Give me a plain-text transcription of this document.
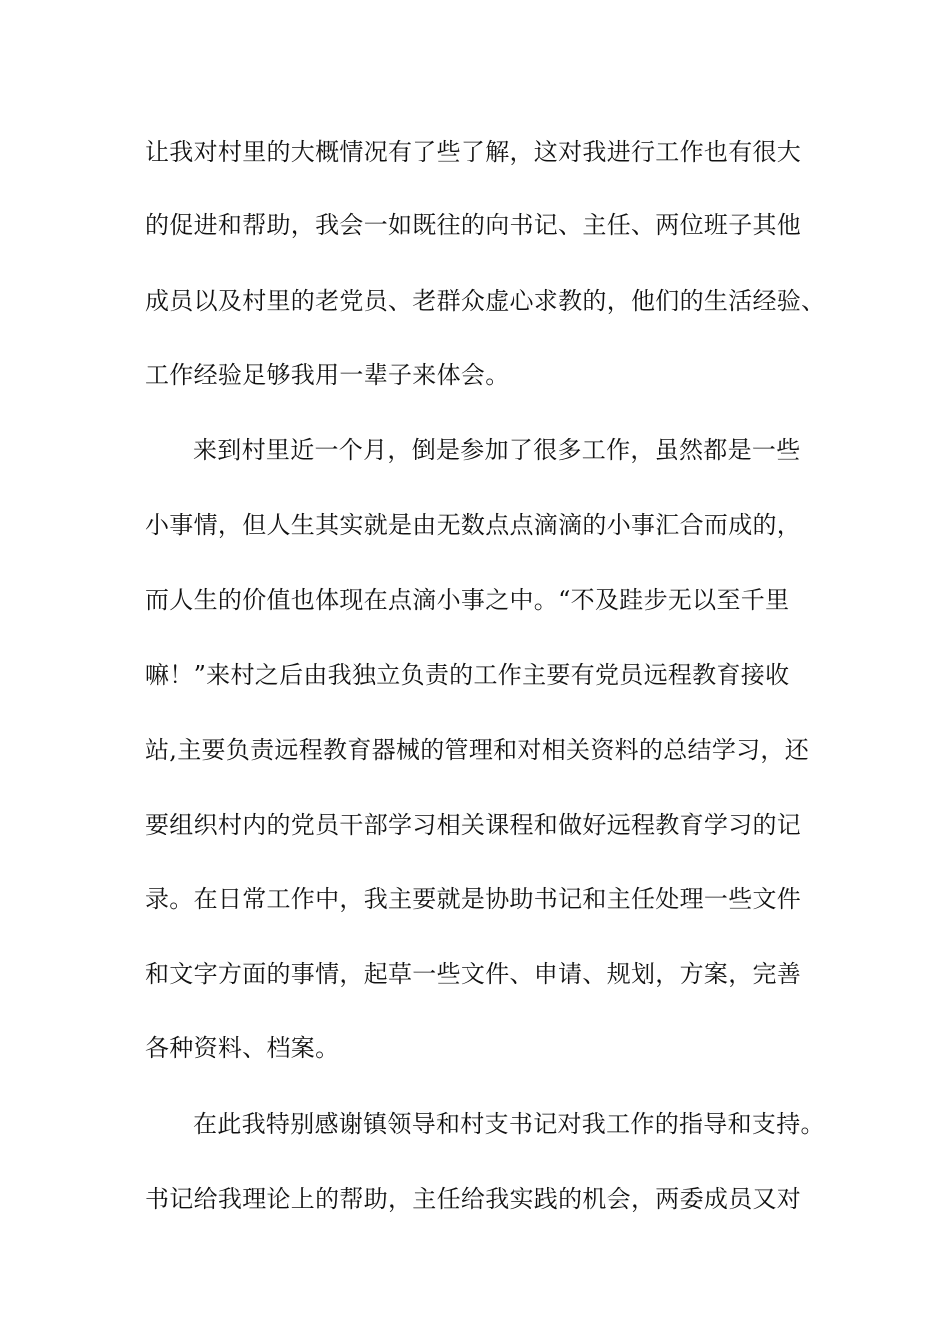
让我对村里的大概情况有了些了解，这对我进行工作也有很大
的促进和帮助，我会一如既往的向书记、主任、两位班子其他
成员以及村里的老党员、老群众虚心求教的，他们的生活经验、
工作经验足够我用一辈子来体会。
来到村里近一个月，倒是参加了很多工作，虽然都是一些
小事情，但人生其实就是由无数点点滴滴的小事汇合而成的，
而人生的价值也体现在点滴小事之中。“不及跬步无以至千里
嘛！”来村之后由我独立负责的工作主要有党员远程教育接收
站,主要负责远程教育器械的管理和对相关资料的总结学习，还
要组织村内的党员干部学习相关课程和做好远程教育学习的记
录。在日常工作中，我主要就是协助书记和主任处理一些文件
和文字方面的事情，起草一些文件、申请、规划，方案，完善
各种资料、档案。
在此我特别感谢镇领导和村支书记对我工作的指导和支持。
书记给我理论上的帮助，主任给我实践的机会，两委成员又对
